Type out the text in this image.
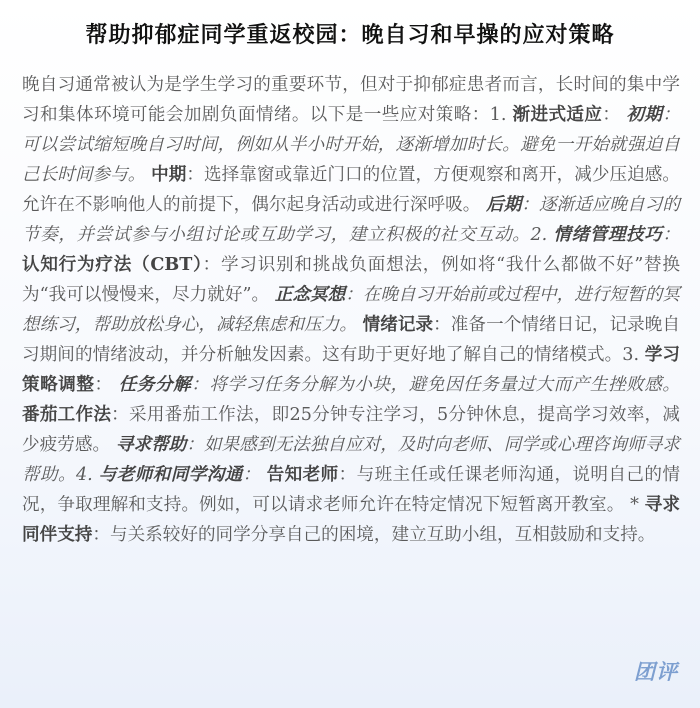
帮助抑郁症同学重返校园：晚自习和早操的应对策略

晚自习通常被认为是学生学习的重要环节，但对于抑郁症患者而言，长时间的集中学习和集体环境可能会加剧负面情绪。以下是一些应对策略：1. 渐进式适应： 初期：可以尝试缩短晚自习时间，例如从半小时开始，逐渐增加时长。避免一开始就强迫自己长时间参与。 中期：选择靠窗或靠近门口的位置，方便观察和离开，减少压迫感。允许在不影响他人的前提下，偶尔起身活动或进行深呼吸。 后期：逐渐适应晚自习的节奏，并尝试参与小组讨论或互助学习，建立积极的社交互动。2. 情绪管理技巧： 认知行为疗法（CBT）：学习识别和挑战负面想法，例如将“我什么都做不好”替换为“我可以慢慢来，尽力就好”。 正念冥想：在晚自习开始前或过程中，进行短暂的冥想练习，帮助放松身心，减轻焦虑和压力。 情绪记录：准备一个情绪日记，记录晚自习期间的情绪波动，并分析触发因素。这有助于更好地了解自己的情绪模式。3. 学习策略调整： 任务分解：将学习任务分解为小块，避免因任务量过大而产生挫败感。 番茄工作法：采用番茄工作法，即25分钟专注学习，5分钟休息，提高学习效率，减少疲劳感。 寻求帮助：如果感到无法独自应对，及时向老师、同学或心理咨询师寻求帮助。4. 与老师和同学沟通： 告知老师：与班主任或任课老师沟通，说明自己的情况，争取理解和支持。例如，可以请求老师允许在特定情况下短暂离开教室。 * 寻求同伴支持：与关系较好的同学分享自己的困境，建立互助小组，互相鼓励和支持。

团评
